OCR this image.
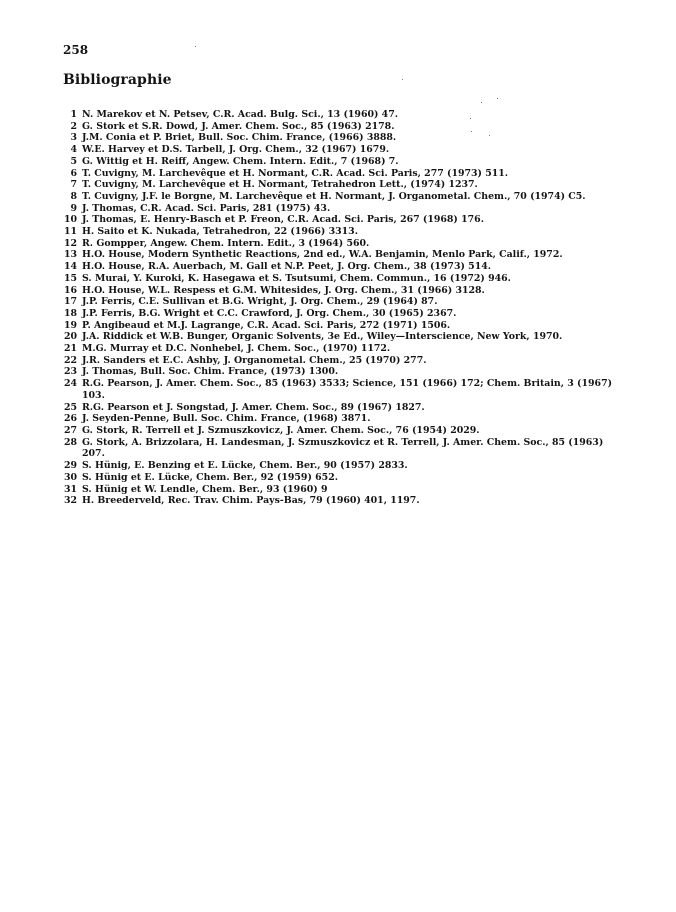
258
Bibliographie
1 N. Marekov et N. Petsev, C.R. Acad. Bulg. Sci., 13 (1960) 47.
2 G. Stork et S.R. Dowd, J. Amer. Chem. Soc., 85 (1963) 2178.
3 J.M. Conia et P. Briet, Bull. Soc. Chim. France, (1966) 3888.
4 W.E. Harvey et D.S. Tarbell, J. Org. Chem., 32 (1967) 1679.
5 G. Wittig et H. Reiff, Angew. Chem. Intern. Edit., 7 (1968) 7.
6 T. Cuvigny, M. Larchevêque et H. Normant, C.R. Acad. Sci. Paris, 277 (1973) 511.
7 T. Cuvigny, M. Larchevêque et H. Normant, Tetrahedron Lett., (1974) 1237.
8 T. Cuvigny, J.F. le Borgne, M. Larchevêque et H. Normant, J. Organometal. Chem., 70 (1974) C5.
9 J. Thomas, C.R. Acad. Sci. Paris, 281 (1975) 43.
10 J. Thomas, E. Henry-Basch et P. Freon, C.R. Acad. Sci. Paris, 267 (1968) 176.
11 H. Saito et K. Nukada, Tetrahedron, 22 (1966) 3313.
12 R. Gompper, Angew. Chem. Intern. Edit., 3 (1964) 560.
13 H.O. House, Modern Synthetic Reactions, 2nd ed., W.A. Benjamin, Menlo Park, Calif., 1972.
14 H.O. House, R.A. Auerbach, M. Gall et N.P. Peet, J. Org. Chem., 38 (1973) 514.
15 S. Murai, Y. Kuroki, K. Hasegawa et S. Tsutsumi, Chem. Commun., 16 (1972) 946.
16 H.O. House, W.L. Respess et G.M. Whitesides, J. Org. Chem., 31 (1966) 3128.
17 J.P. Ferris, C.E. Sullivan et B.G. Wright, J. Org. Chem., 29 (1964) 87.
18 J.P. Ferris, B.G. Wright et C.C. Crawford, J. Org. Chem., 30 (1965) 2367.
19 P. Angibeaud et M.J. Lagrange, C.R. Acad. Sci. Paris, 272 (1971) 1506.
20 J.A. Riddick et W.B. Bunger, Organic Solvents, 3e Ed., Wiley—Interscience, New York, 1970.
21 M.G. Murray et D.C. Nonhebel, J. Chem. Soc., (1970) 1172.
22 J.R. Sanders et E.C. Ashby, J. Organometal. Chem., 25 (1970) 277.
23 J. Thomas, Bull. Soc. Chim. France, (1973) 1300.
24 R.G. Pearson, J. Amer. Chem. Soc., 85 (1963) 3533; Science, 151 (1966) 172; Chem. Britain, 3 (1967) 103.
25 R.G. Pearson et J. Songstad, J. Amer. Chem. Soc., 89 (1967) 1827.
26 J. Seyden-Penne, Bull. Soc. Chim. France, (1968) 3871.
27 G. Stork, R. Terrell et J. Szmuszkovicz, J. Amer. Chem. Soc., 76 (1954) 2029.
28 G. Stork, A. Brizzolara, H. Landesman, J. Szmuszkovicz et R. Terrell, J. Amer. Chem. Soc., 85 (1963) 207.
29 S. Hünig, E. Benzing et E. Lücke, Chem. Ber., 90 (1957) 2833.
30 S. Hünig et E. Lücke, Chem. Ber., 92 (1959) 652.
31 S. Hünig et W. Lendle, Chem. Ber., 93 (1960) 9
32 H. Breederveld, Rec. Trav. Chim. Pays-Bas, 79 (1960) 401, 1197.
